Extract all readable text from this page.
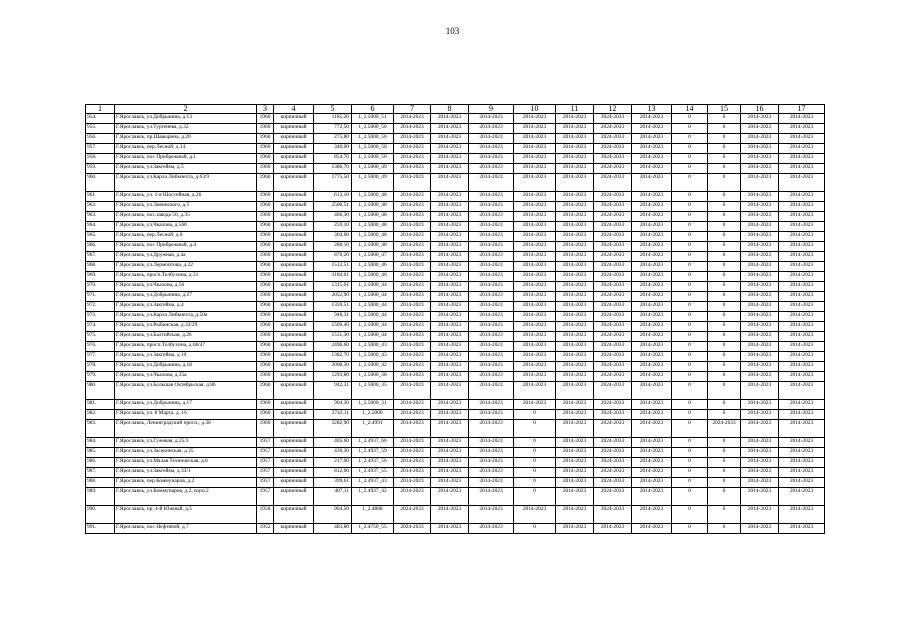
103
1	2	3	4	5	6	7	8	9	10	11	12	13	14	15	16	17
954.	Г.Ярославль, ул.Добрынина, д.13	1960	кирпичный	1185,20	1_2.5000_51	2014-2023	2014-2023	2014-2023	2014-2023	2014-2023	2024-2033	2014-2023	0	0	2014-2023	2014-2023
955.	Г.Ярославль, ул.Тургенева, д.32	1960	кирпичный	772,50	1_2.5000_50	2014-2023	2014-2023	2014-2023	2014-2023	2014-2023	2024-2033	2014-2023	0	0	2014-2023	2014-2023
956.	Г.Ярославль, пр.Шавырина, д.20	1960	кирпичный	275,80	1_2.5000_50	2014-2023	2014-2023	2014-2023	2014-2023	2014-2023	2024-2033	2014-2023	0	0	2014-2023	2014-2023
957.	Г.Ярославль, пер.Лесной, д.14	1960	кирпичный	340,00	1_2.5000_50	2014-2023	2014-2023	2014-2023	2014-2023	2014-2023	2024-2033	2014-2023	0	0	2014-2023	2014-2023
958.	Г.Ярославль, пос Прибрежный, д.1	1960	кирпичный	854,70	1_2.5000_50	2014-2023	2014-2023	2014-2023	2014-2023	2014-2023	2024-2033	2014-2023	0	0	2014-2023	2014-2023
959.	Г.Ярославль, ул.Закгейма, д.5	1960	кирпичный	1386,70	1_2.5000_49	2014-2023	2014-2023	2014-2023	2014-2023	2014-2023	2024-2033	2014-2023	0	0	2014-2023	2014-2023
960.	Г.Ярославль, ул.Карла Либкнехта, д.63/9	1960	кирпичный	1775,50	1_2.5000_49	2014-2023	2014-2023	2014-2023	2014-2023	2014-2023	2024-2033	2014-2023	0	0	2014-2023	2014-2023
961.	Г.Ярославль, ул. 1-я Шоссейная, д.26	1960	кирпичный	613,10	1_2.5000_48	2014-2023	2014-2023	2014-2023	2014-2023	2014-2023	2024-2033	2014-2023	0	0	2014-2023	2014-2023
962.	Г.Ярославль, ул.Левинского, д.5	1960	кирпичный	2508,51	1_2.5000_48	2014-2023	2014-2023	2014-2023	2014-2023	2014-2023	2024-2033	2014-2023	0	0	2014-2023	2014-2023
963.	Г.Ярославль, пос.завода 50, д.35	1960	кирпичный	466,30	1_2.5000_48	2014-2023	2014-2023	2014-2023	2014-2023	2014-2023	2024-2033	2014-2023	0	0	2014-2023	2014-2023
964.	Г.Ярославль, ул.Чкалова, д.56б	1960	кирпичный	259,10	1_2.5000_48	2014-2023	2014-2023	2014-2023	2014-2023	2014-2023	2024-2033	2014-2023	0	0	2014-2023	2014-2023
965.	Г.Ярославль, пер.Лесной, д.8	1960	кирпичный	304,60	1_2.5000_48	2014-2023	2014-2023	2014-2023	2014-2023	2014-2023	2024-2033	2014-2023	0	0	2014-2023	2014-2023
966.	Г.Ярославль, пос Прибрежный, д.4	1960	кирпичный	280,10	1_2.5000_48	2014-2023	2014-2023	2014-2023	2014-2023	2014-2023	2024-2033	2014-2023	0	0	2014-2023	2014-2023
967.	Г.Ярославль, ул.Дружная, д.4а	1960	кирпичный	870,20	1_2.5000_47	2014-2023	2014-2023	2014-2023	2014-2023	2014-2023	2024-2033	2014-2023	0	0	2014-2023	2014-2023
968.	Г.Ярославль, ул.Лермонтова, д.22	1960	кирпичный	1512,51	1_2.5000_46	2014-2023	2014-2023	2014-2023	2014-2023	2014-2023	2024-2033	2014-2023	0	0	2014-2023	2014-2023
969.	Г.Ярославль, просп.Толбухина, д.31	1960	кирпичный	3184,61	1_2.5000_46	2014-2023	2014-2023	2014-2023	2014-2023	2014-2023	2024-2033	2014-2023	0	0	2014-2023	2014-2023
970.	Г.Ярославль, ул.Чкалова, д.56	1960	кирпичный	1315,01	1_2.5000_44	2014-2023	2014-2023	2014-2023	2014-2023	2014-2023	2024-2033	2014-2023	0	0	2014-2023	2014-2023
971.	Г.Ярославль, ул.Добрынина, д.27	1960	кирпичный	2052,90	1_2.5000_44	2014-2023	2014-2023	2014-2023	2014-2023	2014-2023	2024-2033	2014-2023	0	0	2014-2023	2014-2023
972.	Г.Ярославль, ул.Закгейма, д.4	1960	кирпичный	1359,51	1_2.5000_44	2014-2023	2014-2023	2014-2023	2014-2023	2014-2023	2024-2033	2014-2023	0	0	2014-2023	2014-2023
973.	Г.Ярославль, ул.Карла Либкнехта, д.50а	1960	кирпичный	948,31	1_2.5000_44	2014-2023	2014-2023	2014-2023	2014-2023	2014-2023	2024-2033	2014-2023	0	0	2014-2023	2014-2023
974.	Г.Ярославль, ул.Рыбинская, д.33/29	1960	кирпичный	1569,40	1_2.5000_44	2014-2023	2014-2023	2014-2023	2014-2023	2014-2023	2024-2033	2014-2023	0	0	2014-2023	2014-2023
975.	Г.Ярославль, ул.Балтийская, д.26	1960	кирпичный	1531,30	1_2.5000_44	2014-2023	2014-2023	2014-2023	2014-2023	2014-2023	2024-2033	2014-2023	0	0	2014-2023	2014-2023
976.	Г.Ярославль, просп.Толбухина, д.66/47	1960	кирпичный	2496,60	1_2.5000_43	2014-2023	2014-2023	2014-2023	2014-2023	2014-2023	2024-2033	2014-2023	0	0	2014-2023	2014-2023
977.	Г.Ярославль, ул.Закгейма, д.10	1960	кирпичный	1382,70	1_2.5000_43	2014-2023	2014-2023	2014-2023	2014-2023	2014-2023	2024-2033	2014-2023	0	0	2014-2023	2014-2023
978.	Г.Ярославль, ул.Добрынина, д.18	1960	кирпичный	2008,30	1_2.5000_42	2014-2023	2014-2023	2014-2023	2014-2023	2014-2023	2024-2033	2014-2023	0	0	2014-2023	2014-2023
979.	Г.Ярославль, ул.Чкалова, д.35а	1960	кирпичный	1293,80	1_2.5000_38	2014-2023	2014-2023	2014-2023	2014-2023	2014-2023	2024-2033	2014-2023	0	0	2014-2023	2014-2023
980.	Г.Ярославль, ул.Большая Октябрьская, д.86	1960	кирпичный	942,31	1_2.5000_35	2014-2023	2014-2023	2014-2023	2014-2023	2014-2023	2024-2033	2014-2023	0	0	2014-2023	2014-2023
981.	Г.Ярославль, ул.Добрынина, д.17	1960	кирпичный	904,30	1_2.5000_31	2014-2023	2014-2023	2014-2023	2014-2023	2014-2023	2024-2033	2014-2023	0	0	2014-2023	2014-2023
982.	Г.Ярославль, ул. 8 Марта, д. 16	1960	кирпичный	3743,11	1_2.5000	2014-2023	2014-2023	2014-2023	0	2014-2023	2024-2033	2014-2023	0	0	2014-2023	2014-2023
983.	Г.Ярославль, Ленинградский просп., д.38	1960	кирпичный	3282,90	1_2.4991	2014-2023	2014-2023	2014-2023	0	2014-2023	2024-2033	2014-2023	0	2024-2033	2014-2023	2014-2023
984.	Г.Ярославль, ул.Гужевая, д.25/3	1957	кирпичный	405,60	1_2.4937_60	2014-2023	2014-2023	2014-2023	0	2014-2023	2024-2033	2014-2023	0	0	2014-2023	2014-2023
985.	Г.Ярославль, ул.Засекинская, д.35	1957	кирпичный	436,30	1_2.4937_59	2014-2023	2014-2023	2014-2023	0	2014-2023	2024-2033	2014-2023	0	0	2014-2023	2014-2023
986.	Г.Ярославль, ул.Малая Техническая, д.6	1957	кирпичный	217,00	1_2.4937_56	2014-2023	2014-2023	2014-2023	0	2014-2023	2024-2033	2014-2023	0	0	2014-2023	2014-2023
987.	Г.Ярославль, ул.Закгейма, д.33/1	1957	кирпичный	812,60	1_2.4937_55	2014-2023	2014-2023	2014-2023	0	2014-2023	2024-2033	2014-2023	0	0	2014-2023	2014-2023
988.	Г.Ярославль, пер.Коммунаров, д.2	1957	кирпичный	399,61	1_2.4937_43	2014-2023	2014-2023	2014-2023	0	2014-2023	2024-2033	2014-2023	0	0	2014-2023	2014-2023
989.	Г.Ярославль, ул.Коммунаров, д.2, корп.2	1957	кирпичный	407,11	1_2.4937_42	2014-2023	2014-2023	2014-2023	0	2014-2023	2024-2033	2014-2023	0	0	2014-2023	2014-2023
990.	Г.Ярославль, пр. 4-й Южный, д.5	1958	кирпичный	904,50	1_2.4888	2024-2033	2014-2023	2014-2023	2014-2023	2014-2023	2024-2033	2014-2023	0	0	2014-2023	2014-2023
991.	Г.Ярославль, пос Нефтяной, д.7	1952	кирпичный	483,80	1_2.4750_55	2024-2033	2014-2023	2014-2023	0	2014-2023	2014-2023	2014-2023	0	0	2014-2023	2014-2023
